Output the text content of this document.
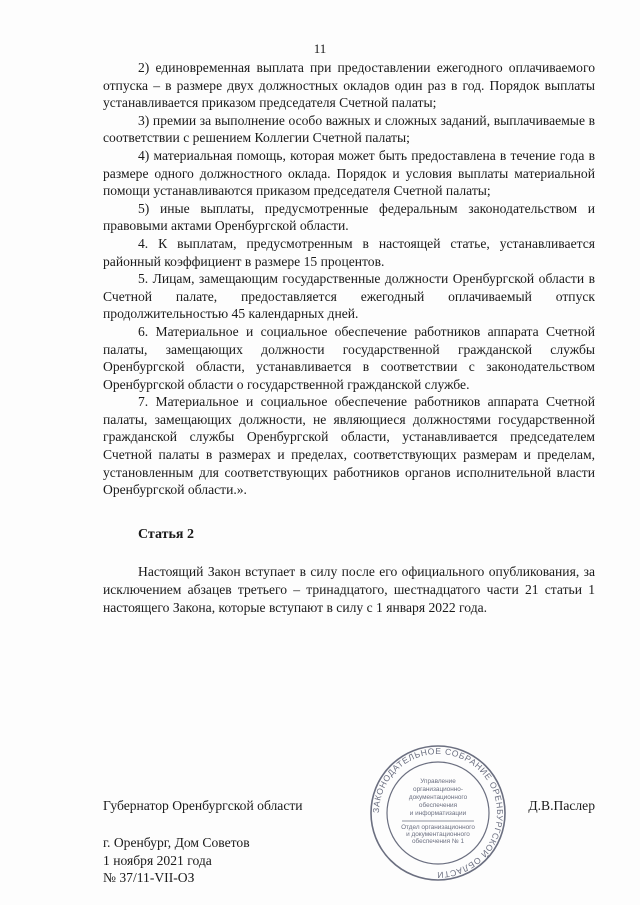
11

2) единовременная выплата при предоставлении ежегодного оплачиваемого отпуска – в размере двух должностных окладов один раз в год. Порядок выплаты устанавливается приказом председателя Счетной палаты;

3) премии за выполнение особо важных и сложных заданий, выплачиваемые в соответствии с решением Коллегии Счетной палаты;

4) материальная помощь, которая может быть предоставлена в течение года в размере одного должностного оклада. Порядок и условия выплаты материальной помощи устанавливаются приказом председателя Счетной палаты;

5) иные выплаты, предусмотренные федеральным законодательством и правовыми актами Оренбургской области.

4. К выплатам, предусмотренным в настоящей статье, устанавливается районный коэффициент в размере 15 процентов.

5. Лицам, замещающим государственные должности Оренбургской области в Счетной палате, предоставляется ежегодный оплачиваемый отпуск продолжительностью 45 календарных дней.

6. Материальное и социальное обеспечение работников аппарата Счетной палаты, замещающих должности государственной гражданской службы Оренбургской области, устанавливается в соответствии с законодательством Оренбургской области о государственной гражданской службе.

7. Материальное и социальное обеспечение работников аппарата Счетной палаты, замещающих должности, не являющиеся должностями государственной гражданской службы Оренбургской области, устанавливается председателем Счетной палаты в размерах и пределах, соответствующих размерам и пределам, установленным для соответствующих работников органов исполнительной власти Оренбургской области.».

Статья 2

Настоящий Закон вступает в силу после его официального опубликования, за исключением абзацев третьего – тринадцатого, шестнадцатого части 21 статьи 1 настоящего Закона, которые вступают в силу с 1 января 2022 года.

Губернатор Оренбургской области	Д.В.Паслер
г. Оренбург, Дом Советов
1 ноября 2021 года
№ 37/11-VII-ОЗ
ЗАКОНОДАТЕЛЬНОЕ СОБРАНИЕ ОРЕНБУРГСКОЙ ОБЛАСТИ
Управление
организационно-
документационного
обеспечения
и информатизации
Отдел организационного
и документационного
обеспечения № 1
